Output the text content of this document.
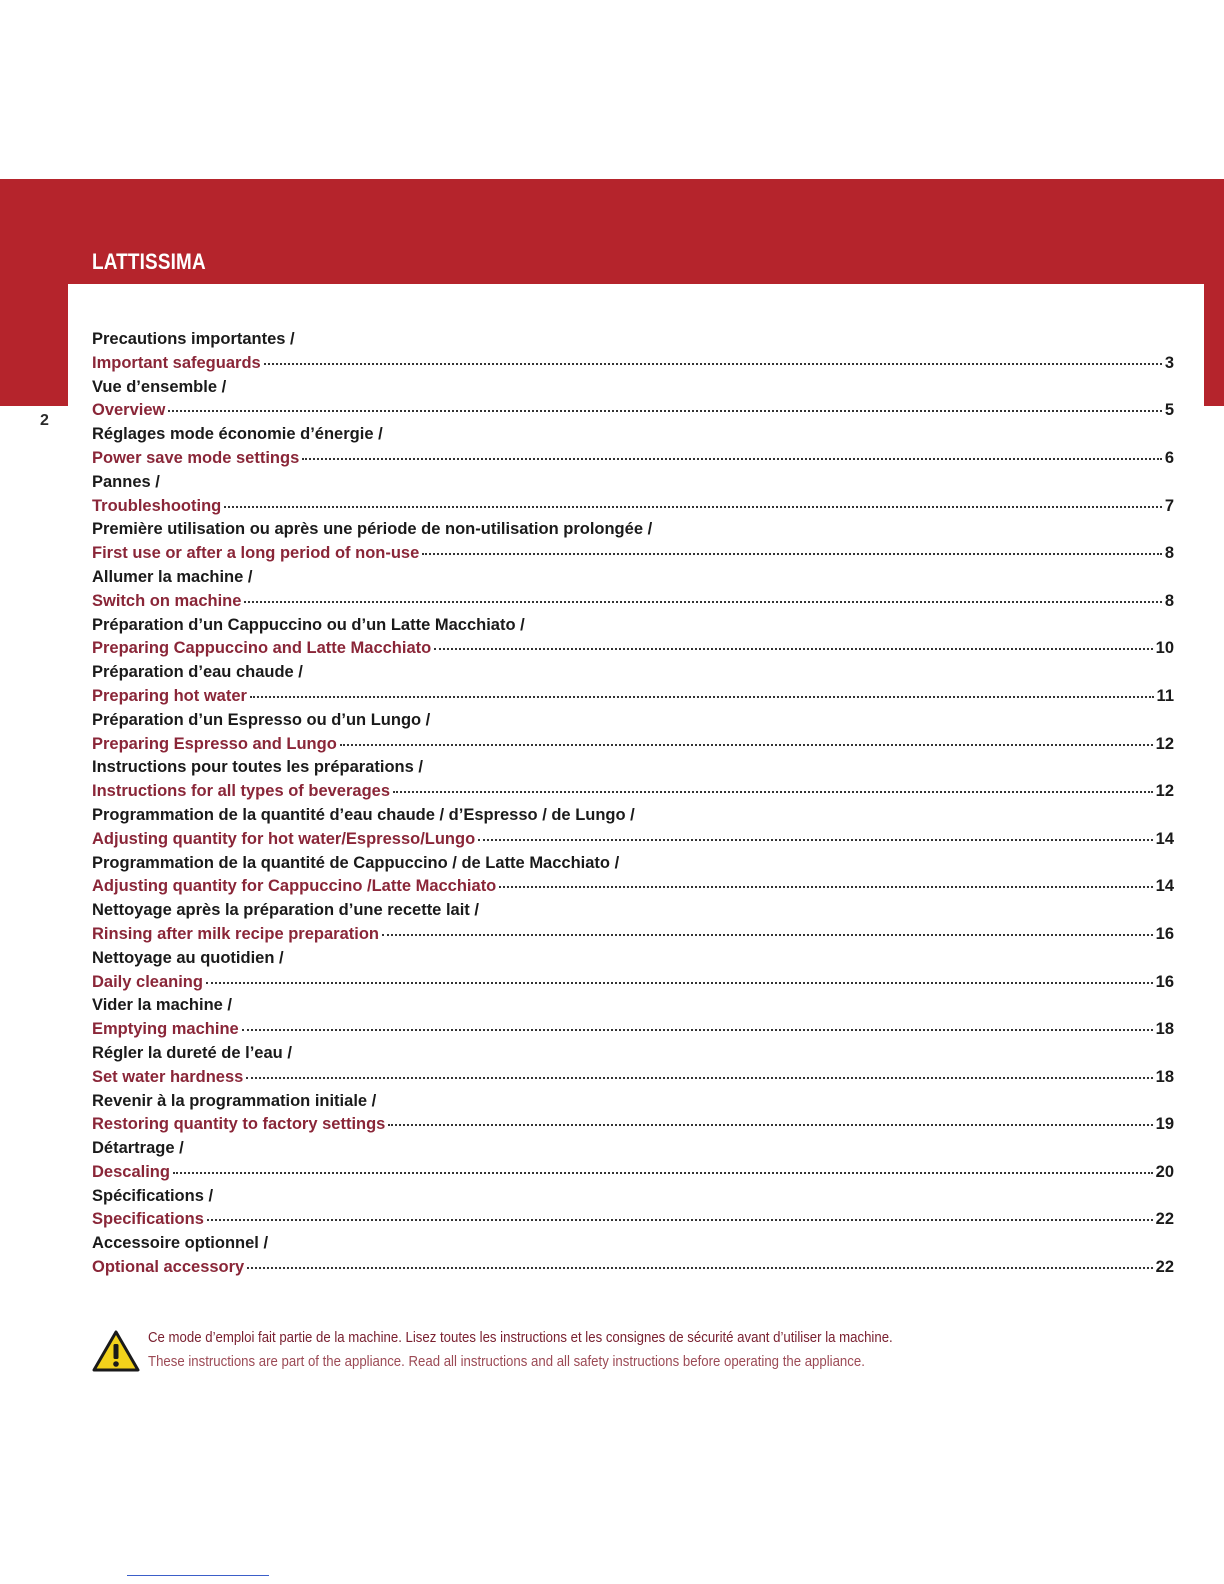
LATTISSIMA
2
Precautions importantes /
Important safeguards	3
Vue d’ensemble /
Overview	5
Réglages mode économie d’énergie /
Power save mode settings	6
Pannes /
Troubleshooting	7
Première utilisation ou après une période de non-utilisation prolongée /
First use or after a long period of non-use	8
Allumer la machine /
Switch on machine	8
Préparation d’un Cappuccino ou d’un Latte Macchiato /
Preparing Cappuccino and Latte Macchiato	10
Préparation d’eau chaude /
Preparing hot water	11
Préparation d’un Espresso ou d’un Lungo /
Preparing Espresso and Lungo	12
Instructions pour toutes les préparations /
Instructions for all types of beverages	12
Programmation de la quantité d’eau chaude / d’Espresso / de Lungo /
Adjusting quantity for hot water/Espresso/Lungo	14
Programmation de la quantité de Cappuccino / de Latte Macchiato /
Adjusting quantity for Cappuccino /Latte Macchiato	14
Nettoyage après la préparation d’une recette lait /
Rinsing after milk recipe preparation	16
Nettoyage au quotidien /
Daily cleaning	16
Vider la machine /
Emptying machine	18
Régler la dureté de l’eau /
Set water hardness	18
Revenir à la programmation initiale /
Restoring quantity to factory settings	19
Détartrage /
Descaling	20
Spécifications /
Specifications	22
Accessoire optionnel /
Optional accessory	22
Ce mode d’emploi fait partie de la machine. Lisez toutes les instructions et les consignes de sécurité avant d’utiliser la machine.
These instructions are part of the appliance. Read all instructions and all safety instructions before operating the appliance.
